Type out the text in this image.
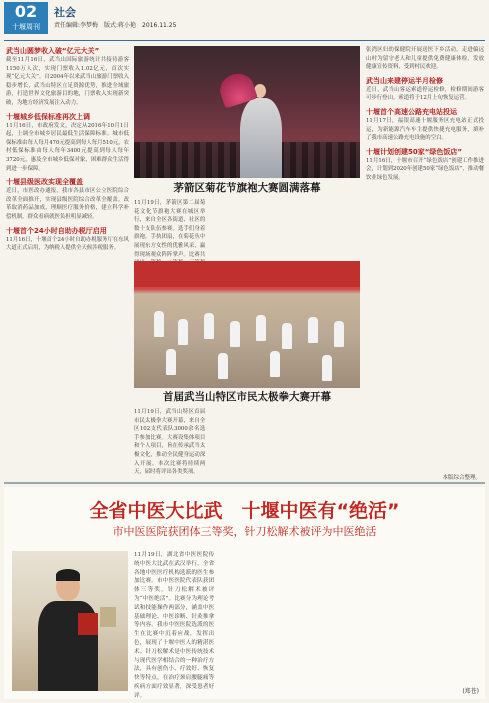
02
十堰周刊
社会
责任编辑:李梦梅　版式:蒋小艳　2016.11.25
武当山圆梦收入破“亿元大关”
截至11月16日，武当山国际旅游统计共接待游客1150万人次，实现门票收入1.02亿元，首次实现“亿元大关”。自2004年以来武当山旅游门票收入稳步增长，武当山特区立足资源优势，推进全域旅游，打造世界文化旅游目的地，门票收入实现新突破，为地方经济发展注入动力。
十堰城乡低保标准再次上调
11月16日，市政府发文，决定从2016年10月1日起，上调全市城乡居民最低生活保障标准。城市低保标准由每人每月470元提高到每人每月510元，农村低保标准由每人每年3400元提高到每人每年3720元，惠及全市城乡低保对象，困难群众生活得到进一步保障。
十堰县级医改实现全覆盖
近日，市医改办通报，我市各县市区公立医院综合改革全面推开，实现县级医院综合改革全覆盖。改革取消药品加成，理顺医疗服务价格，建立科学补偿机制，群众看病就医负担明显减轻。
十堰首个24小时自助办税厅启用
11月16日，十堰首个24小时自助办税服务厅在东风大道正式启用，为纳税人提供全天候涉税服务。
茅箭区菊花节旗袍大赛圆满落幕
11月19日，茅箭区第二届菊花文化节旗袍大赛在城区举行，来自全区各街道、社区的数十支队伍参赛。选手们身着旗袍，手执团扇，在菊花丛中展现东方女性的优雅风采，赢得现场观众阵阵掌声。比赛共
首届武当山特区市民太极拳大赛开幕
11月19日，武当山特区首届市民太极拳大赛开幕，来自全区102支代表队3000余名选手参加比赛。大赛设集体项目和个人项目，旨在传承武当太极文化，推动全民健身运动深入开展。本次比赛将持续两天，届时将评出各类奖项。
张湾区妇幼保健院开展送医下乡活动，走进偏远山村为留守老人和儿童提供免费健康体检，发放健康宣传资料，受到村民欢迎。
武当山来建停运半月检修
近日，武当山客运索道停运检修，检修期间游客可步行登山。索道将于12月上旬恢复运营。
十堰首个高速公路充电站投运
11月17日，福银高速十堰服务区充电站正式投运，为新能源汽车车主提供快捷充电服务，填补了我市高速公路充电设施的空白。
十堰计划创建50家“绿色饭店”
11月16日，十堰市召开“绿色饭店”创建工作推进会，计划到2020年创建50家“绿色饭店”，推动餐饮业绿色发展。
本版综合整理。
全省中医大比武　十堰中医有“绝活”
市中医医院获团体三等奖，针刀松解术被评为中医绝活
11月19日，湖北省中医医院传统中医大比武在武汉举行，全省各地中医医疗机构选派的医生参加比赛。市中医医院代表队获团体三等奖，针刀松解术被评为“中医绝活”。比赛分为理论考试和技能操作两部分，涵盖中医基础理论、中医诊断、针灸推拿等内容。我市中医医院选派的医生在比赛中沉着应战，发挥出色，展现了十堰中医人的精湛医术。针刀松解术是中医传统技术与现代医学相结合的一种治疗方法，具有创伤小、疗效好、恢复快等特点，在治疗颈肩腰腿痛等疾病方面疗效显著，深受患者好评。
(郑苍)
